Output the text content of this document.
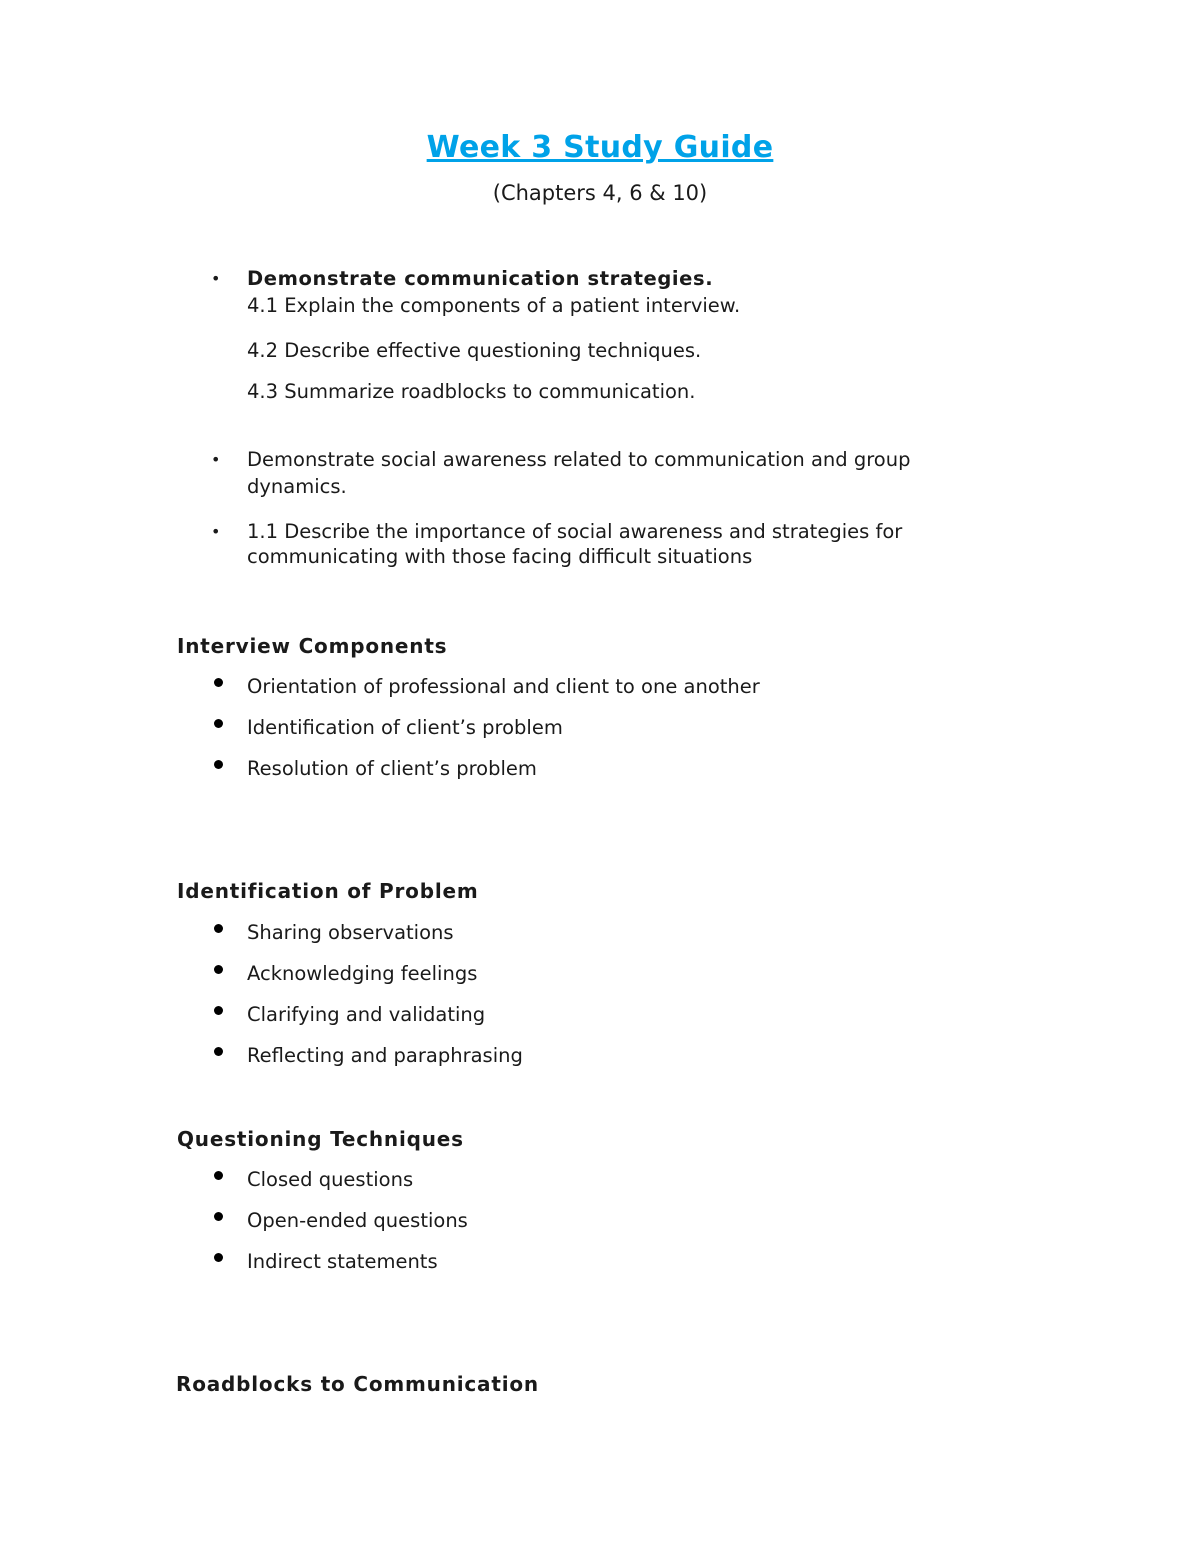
Week 3 Study Guide
(Chapters 4, 6 & 10)
• Demonstrate communication strategies.
4.1 Explain the components of a patient interview.
4.2 Describe effective questioning techniques.
4.3 Summarize roadblocks to communication.
• Demonstrate social awareness related to communication and group
dynamics.
• 1.1 Describe the importance of social awareness and strategies for
communicating with those facing difficult situations
Interview Components
Orientation of professional and client to one another
Identification of client’s problem
Resolution of client’s problem
Identification of Problem
Sharing observations
Acknowledging feelings
Clarifying and validating
Reflecting and paraphrasing
Questioning Techniques
Closed questions
Open-ended questions
Indirect statements
Roadblocks to Communication
